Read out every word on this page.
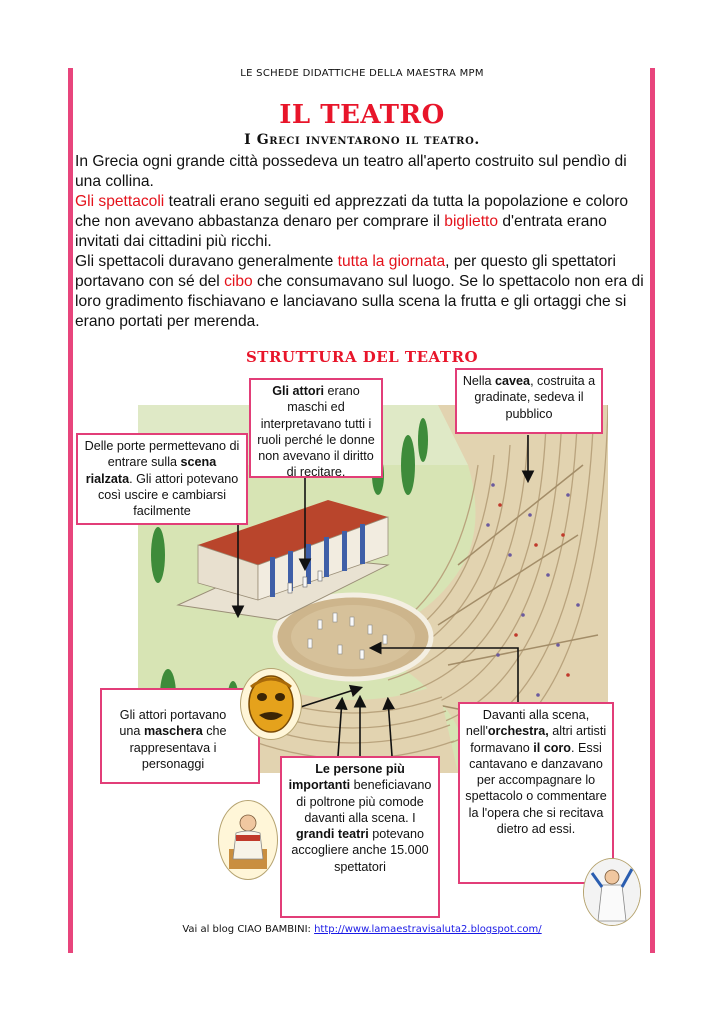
LE SCHEDE DIDATTICHE DELLA MAESTRA MPM
IL TEATRO
I Greci inventarono il teatro.

In Grecia ogni grande città possedeva un teatro all'aperto costruito sul pendìo di una collina.

Gli spettacoli teatrali erano seguiti ed apprezzati da tutta la popolazione e coloro che non avevano abbastanza denaro per comprare il biglietto d'entrata erano invitati dai cittadini più ricchi.

Gli spettacoli duravano generalmente tutta la giornata, per questo gli spettatori portavano con sé del cibo che consumavano sul luogo. Se lo spettacolo non era di loro gradimento fischiavano e lanciavano sulla scena la frutta e gli ortaggi che si erano portati per merenda.

STRUTTURA DEL TEATRO
Gli attori erano maschi ed interpretavano tutti i ruoli perché le donne non avevano il diritto di recitare.
Nella cavea, costruita a gradinate, sedeva il pubblico
Delle porte permettevano di entrare sulla scena rialzata. Gli attori potevano così uscire e cambiarsi facilmente
Gli attori portavano una maschera che rappresentava i personaggi	Le persone più importanti beneficiavano di poltrone più comode davanti alla scena. I grandi teatri potevano accogliere anche 15.000 spettatori
Davanti alla scena, nell'orchestra, altri artisti formavano il coro. Essi cantavano e danzavano per accompagnare lo spettacolo o commentare la l'opera che si recitava dietro ad essi.
Vai al blog CIAO BAMBINI: http://www.lamaestravisaluta2.blogspot.com/
